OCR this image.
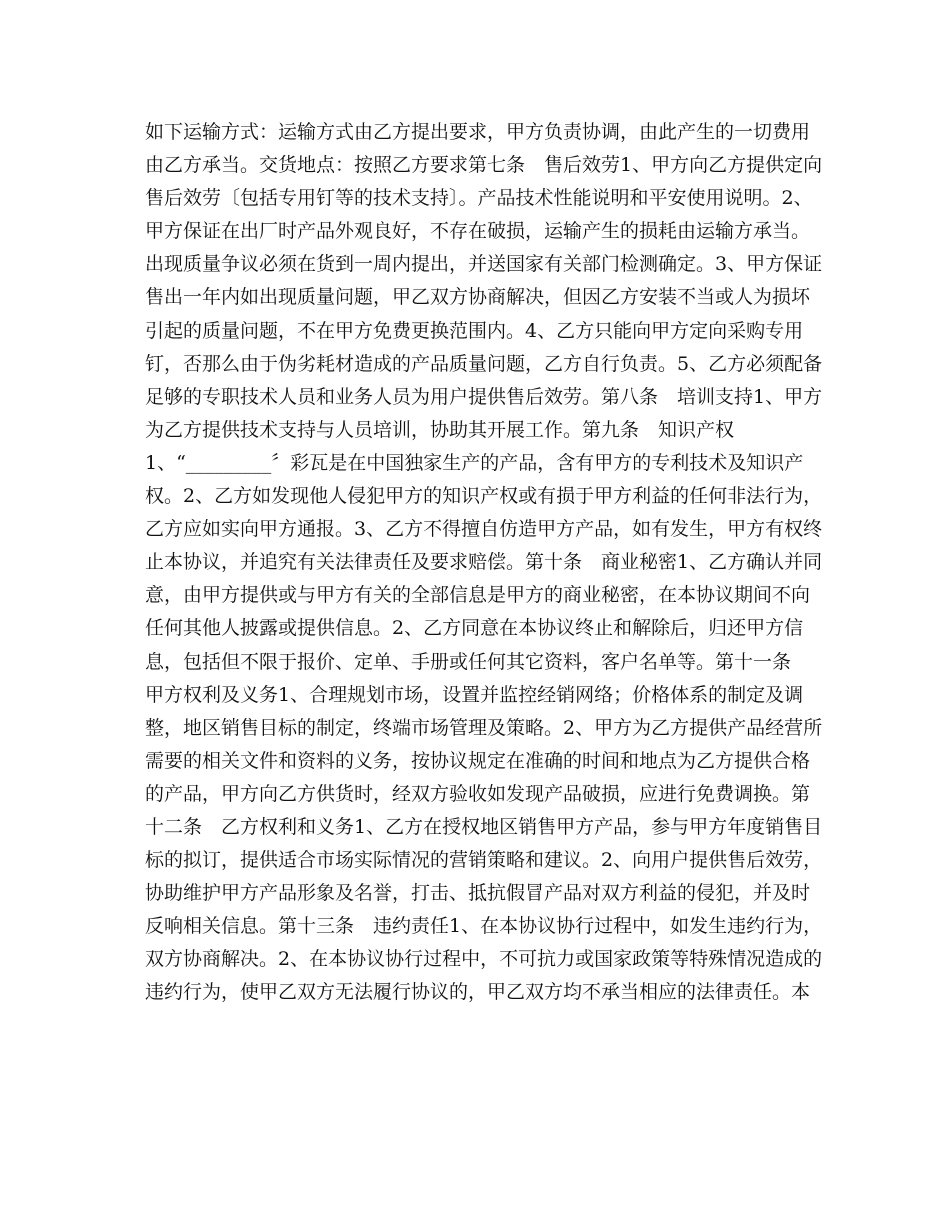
如下运输方式：运输方式由乙方提出要求，甲方负责协调，由此产生的一切费用
由乙方承当。交货地点：按照乙方要求第七条　售后效劳1、甲方向乙方提供定向
售后效劳〔包括专用钉等的技术支持〕。产品技术性能说明和平安使用说明。2、
甲方保证在出厂时产品外观良好，不存在破损，运输产生的损耗由运输方承当。
出现质量争议必须在货到一周内提出，并送国家有关部门检测确定。3、甲方保证
售出一年内如出现质量问题，甲乙双方协商解决，但因乙方安装不当或人为损坏
引起的质量问题，不在甲方免费更换范围内。4、乙方只能向甲方定向采购专用
钉，否那么由于伪劣耗材造成的产品质量问题，乙方自行负责。5、乙方必须配备
足够的专职技术人员和业务人员为用户提供售后效劳。第八条　培训支持1、甲方
为乙方提供技术支持与人员培训，协助其开展工作。第九条　知识产权
1、“_________〞彩瓦是在中国独家生产的产品，含有甲方的专利技术及知识产
权。2、乙方如发现他人侵犯甲方的知识产权或有损于甲方利益的任何非法行为，
乙方应如实向甲方通报。3、乙方不得擅自仿造甲方产品，如有发生，甲方有权终
止本协议，并追究有关法律责任及要求赔偿。第十条　商业秘密1、乙方确认并同
意，由甲方提供或与甲方有关的全部信息是甲方的商业秘密，在本协议期间不向
任何其他人披露或提供信息。2、乙方同意在本协议终止和解除后，归还甲方信
息，包括但不限于报价、定单、手册或任何其它资料，客户名单等。第十一条
甲方权利及义务1、合理规划市场，设置并监控经销网络；价格体系的制定及调
整，地区销售目标的制定，终端市场管理及策略。2、甲方为乙方提供产品经营所
需要的相关文件和资料的义务，按协议规定在准确的时间和地点为乙方提供合格
的产品，甲方向乙方供货时，经双方验收如发现产品破损，应进行免费调换。第
十二条　乙方权利和义务1、乙方在授权地区销售甲方产品，参与甲方年度销售目
标的拟订，提供适合市场实际情况的营销策略和建议。2、向用户提供售后效劳，
协助维护甲方产品形象及名誉，打击、抵抗假冒产品对双方利益的侵犯，并及时
反响相关信息。第十三条　违约责任1、在本协议协行过程中，如发生违约行为，
双方协商解决。2、在本协议协行过程中，不可抗力或国家政策等特殊情况造成的
违约行为，使甲乙双方无法履行协议的，甲乙双方均不承当相应的法律责任。本
